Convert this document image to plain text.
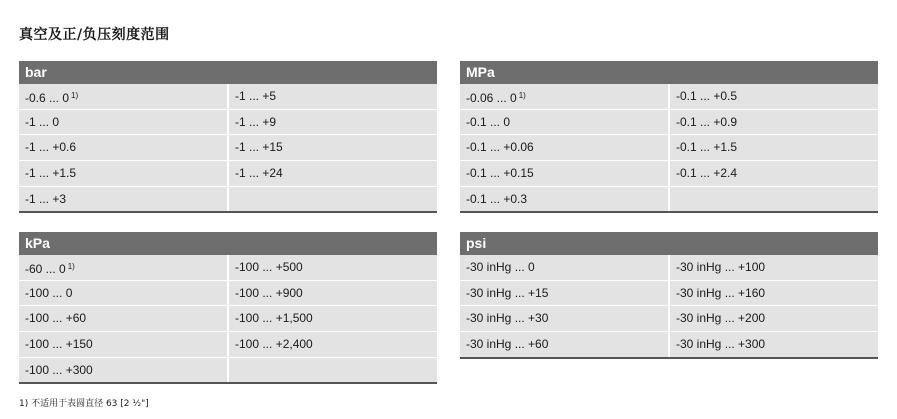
真空及正/负压刻度范围
bar
-0.6 ... 0 $^{1)}$	-1 ... +5
-1 ... 0	-1 ... +9
-1 ... +0.6	-1 ... +15
-1 ... +1.5	-1 ... +24
-1 ... +3
MPa
-0.06 ... 0 $^{1)}$	-0.1 ... +0.5
-0.1 ... 0	-0.1 ... +0.9
-0.1 ... +0.06	-0.1 ... +1.5
-0.1 ... +0.15	-0.1 ... +2.4
-0.1 ... +0.3
kPa
-60 ... 0 $^{1)}$	-100 ... +500
-100 ... 0	-100 ... +900
-100 ... +60	-100 ... +1,500
-100 ... +150	-100 ... +2,400
-100 ... +300
psi
-30 inHg ... 0	-30 inHg ... +100
-30 inHg ... +15	-30 inHg ... +160
-30 inHg ... +30	-30 inHg ... +200
-30 inHg ... +60	-30 inHg ... +300
1) 不适用于表圆直径 63 [2 ½"]
